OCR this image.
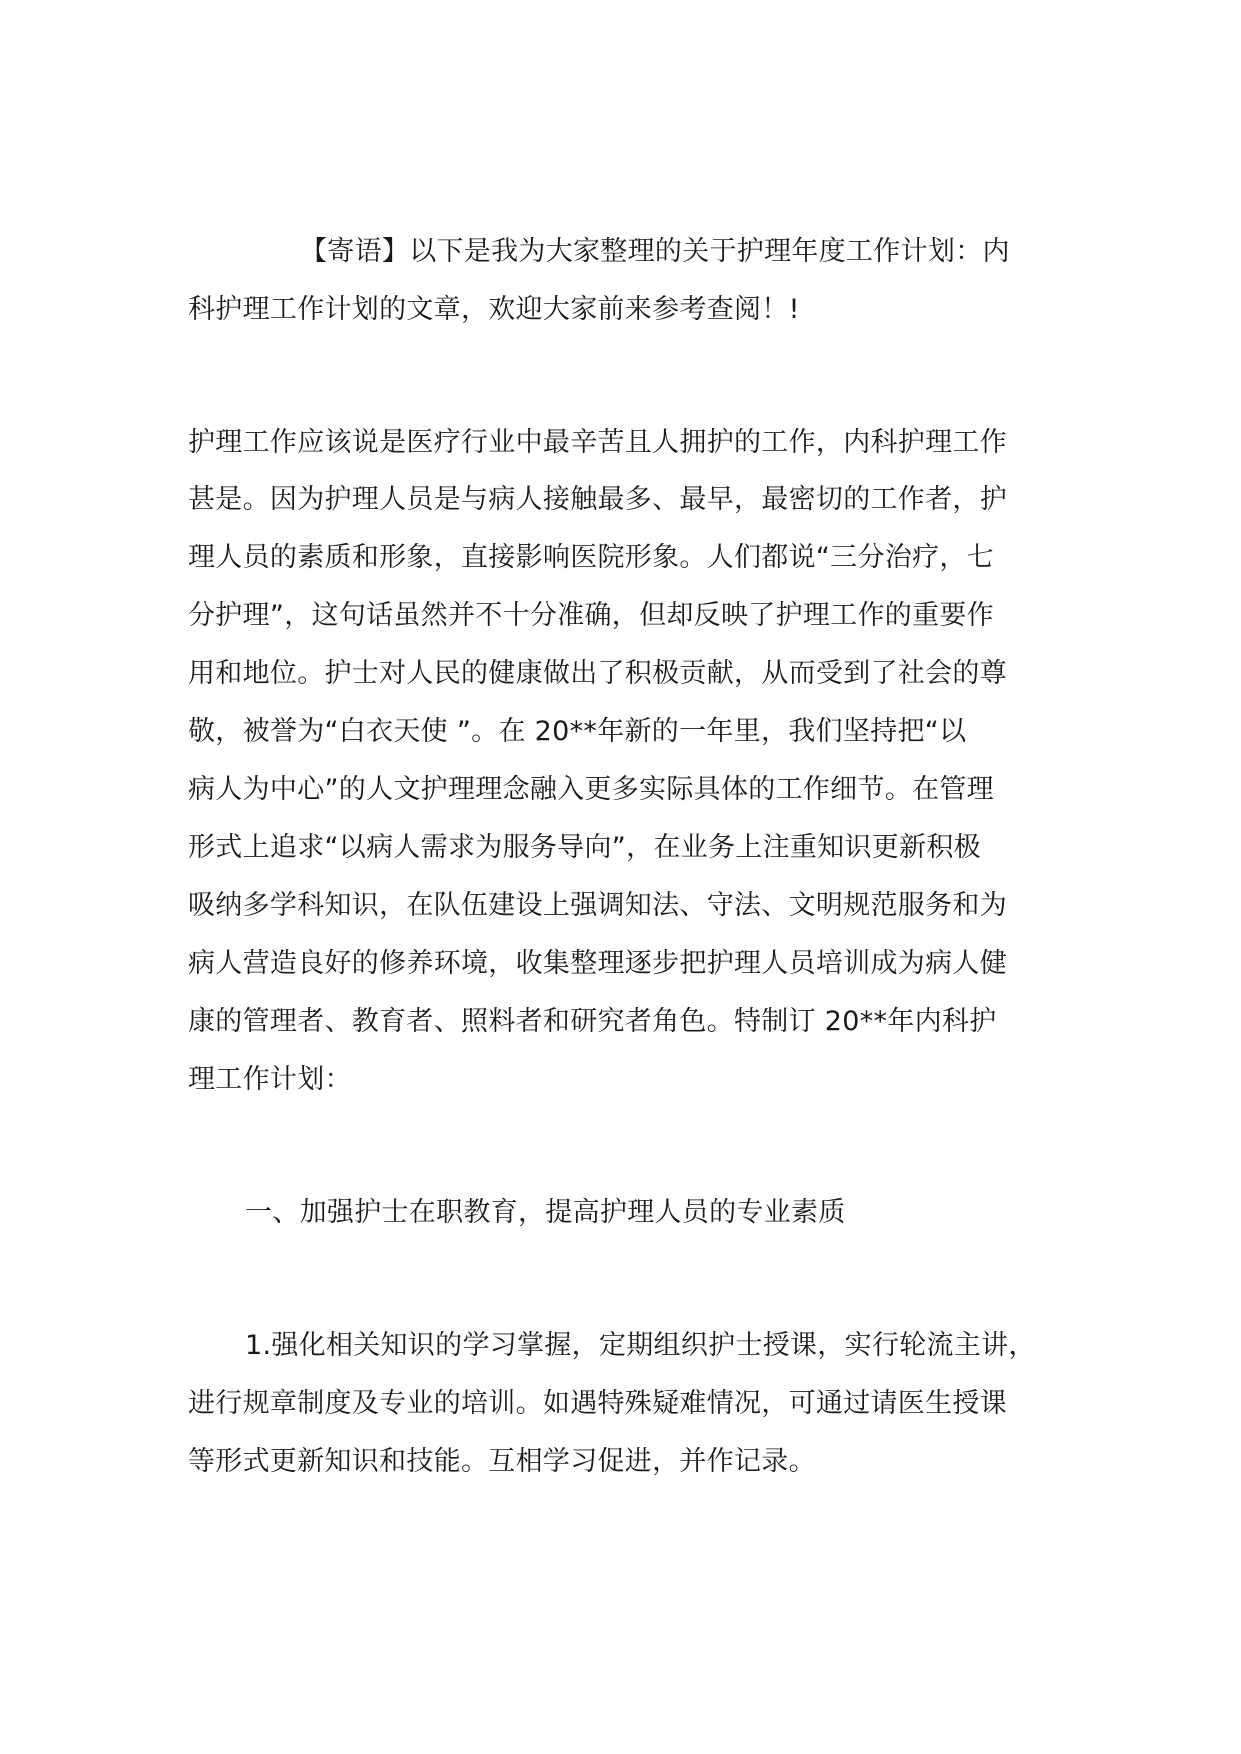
【寄语】以下是我为大家整理的关于护理年度工作计划：内
科护理工作计划的文章，欢迎大家前来参考查阅！!
护理工作应该说是医疗行业中最辛苦且人拥护的工作，内科护理工作
甚是。因为护理人员是与病人接触最多、最早，最密切的工作者，护
理人员的素质和形象，直接影响医院形象。人们都说“三分治疗，七
分护理”，这句话虽然并不十分准确，但却反映了护理工作的重要作
用和地位。护士对人民的健康做出了积极贡献，从而受到了社会的尊
敬，被誉为“白衣天使 ”。在 20**年新的一年里，我们坚持把“以
病人为中心”的人文护理理念融入更多实际具体的工作细节。在管理
形式上追求“以病人需求为服务导向”，在业务上注重知识更新积极
吸纳多学科知识，在队伍建设上强调知法、守法、文明规范服务和为
病人营造良好的修养环境，收集整理逐步把护理人员培训成为病人健
康的管理者、教育者、照料者和研究者角色。特制订 20**年内科护
理工作计划：
一、加强护士在职教育，提高护理人员的专业素质
1.强化相关知识的学习掌握，定期组织护士授课，实行轮流主讲，
进行规章制度及专业的培训。如遇特殊疑难情况，可通过请医生授课
等形式更新知识和技能。互相学习促进，并作记录。
